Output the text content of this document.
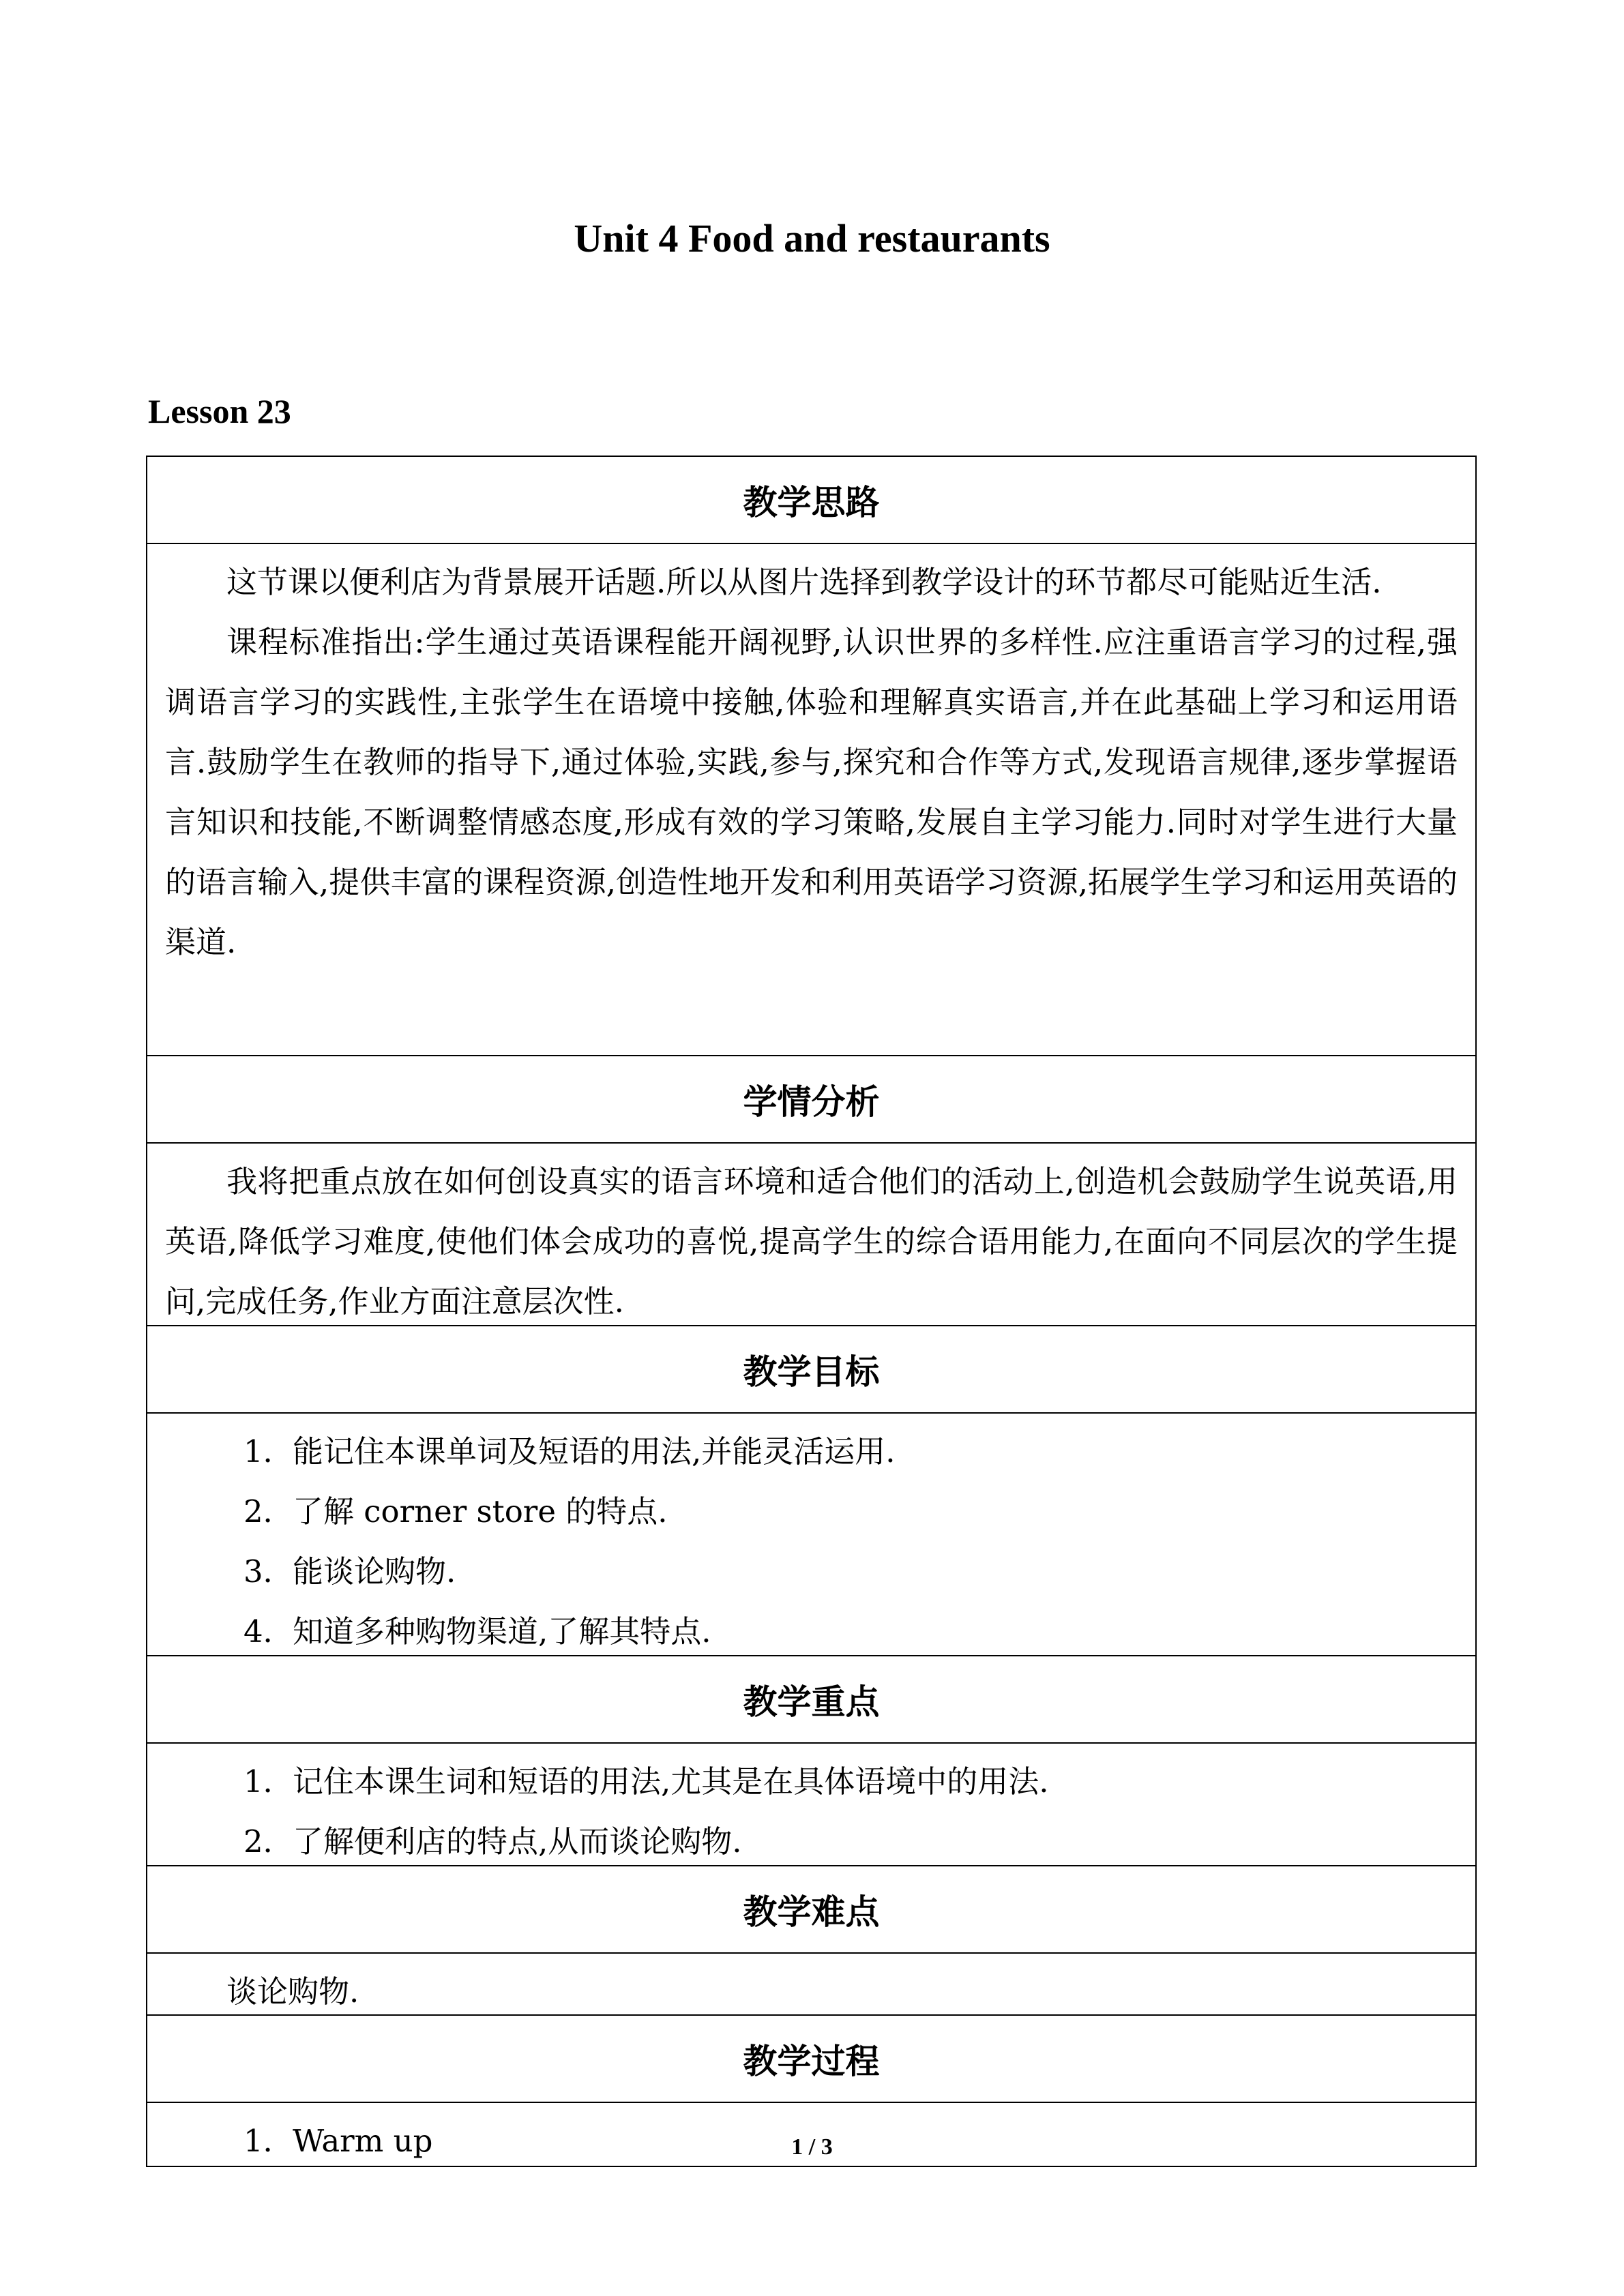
Unit 4 Food and restaurants
Lesson 23
教学思路

这节课以便利店为背景展开话题.所以从图片选择到教学设计的环节都尽可能贴近生活.

课程标准指出:学生通过英语课程能开阔视野,认识世界的多样性.应注重语言学习的过程,强调语言学习的实践性,主张学生在语境中接触,体验和理解真实语言,并在此基础上学习和运用语言.鼓励学生在教师的指导下,通过体验,实践,参与,探究和合作等方式,发现语言规律,逐步掌握语言知识和技能,不断调整情感态度,形成有效的学习策略,发展自主学习能力.同时对学生进行大量的语言输入,提供丰富的课程资源,创造性地开发和利用英语学习资源,拓展学生学习和运用英语的渠道.

学情分析

我将把重点放在如何创设真实的语言环境和适合他们的活动上,创造机会鼓励学生说英语,用英语,降低学习难度,使他们体会成功的喜悦,提高学生的综合语用能力,在面向不同层次的学生提问,完成任务,作业方面注意层次性.

教学目标

1．能记住本课单词及短语的用法,并能灵活运用.

2．了解 corner store 的特点.

3．能谈论购物.

4．知道多种购物渠道,了解其特点.

教学重点

1．记住本课生词和短语的用法,尤其是在具体语境中的用法.

2．了解便利店的特点,从而谈论购物.

教学难点

谈论购物.

教学过程

1．Warm up	1 / 3
